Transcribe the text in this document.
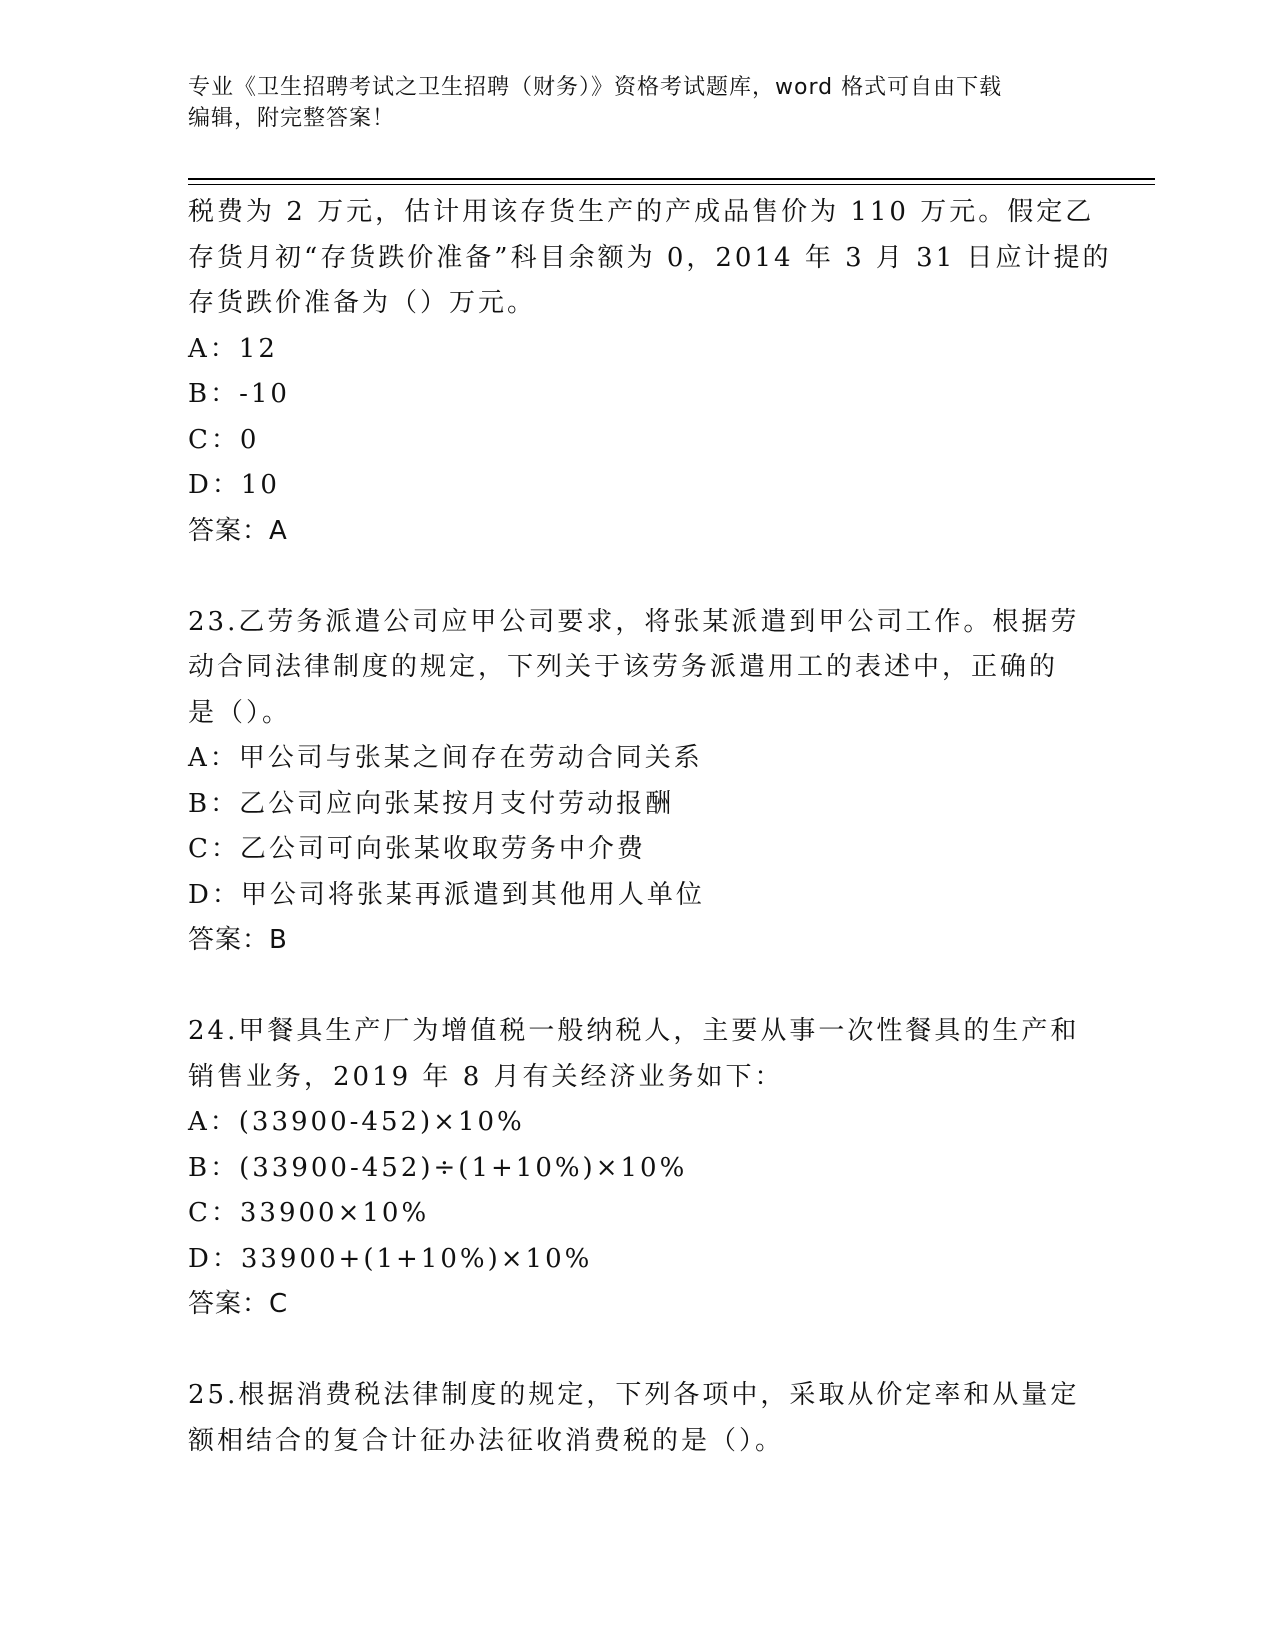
专业《卫生招聘考试之卫生招聘（财务）》资格考试题库，word 格式可自由下载
编辑，附完整答案！
税费为 2 万元，估计用该存货生产的产成品售价为 110 万元。假定乙
存货月初“存货跌价准备”科目余额为 0，2014 年 3 月 31 日应计提的
存货跌价准备为（）万元。
A：12
B：-10
C：0
D：10
答案：A
23.乙劳务派遣公司应甲公司要求，将张某派遣到甲公司工作。根据劳
动合同法律制度的规定，下列关于该劳务派遣用工的表述中，正确的
是（）。
A：甲公司与张某之间存在劳动合同关系
B：乙公司应向张某按月支付劳动报酬
C：乙公司可向张某收取劳务中介费
D：甲公司将张某再派遣到其他用人单位
答案：B
24.甲餐具生产厂为增值税一般纳税人，主要从事一次性餐具的生产和
销售业务，2019 年 8 月有关经济业务如下：
A：(33900-452)×10%
B：(33900-452)÷(1+10%)×10%
C：33900×10%
D：33900+(1+10%)×10%
答案：C
25.根据消费税法律制度的规定，下列各项中，采取从价定率和从量定
额相结合的复合计征办法征收消费税的是（）。
